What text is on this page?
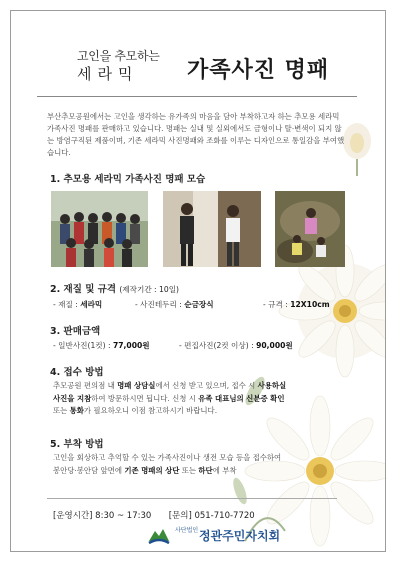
고인을 추모하는
세라믹 가족사진 명패
부산추모공원에서는 고인을 생각하는 유가족의 마음을 담아 부착하고자 하는 추모용 세라믹 가족사진 명패를 판매하고 있습니다. 명패는 실내 및 실외에서도 금형이나 탈·변색이 되지 않는 방염구직된 제품이며, 기존 세라믹 사진명패와 조화를 이루는 디자인으로 통일감을 부여했습니다.
1. 추모용 세라믹 가족사진 명패 모습
2. 재질 및 규격 (제작기간 : 10일)
- 재질 : 세라믹	- 사진테두리 : 순금장식	- 규격 : 12X10cm
3. 판매금액
- 일반사진(1컷) : 77,000원	- 편집사진(2컷 이상) : 90,000원
4. 접수 방법
추모공원 편의점 내 명패 상담실에서 신청 받고 있으며, 접수 시 사용하실
사진을 지참하여 방문하시면 됩니다. 신청 시 유족 대표님의 신분증 확인
또는 통화가 필요하오니 이점 참고하시기 바랍니다.
5. 부착 방법
고인을 회상하고 추억할 수 있는 가족사진이나 생전 모습 등을 접수하여
봉안당·봉안담 앞면에 기존 명패의 상단 또는 하단에 부착
[운영시간] 8:30 ~ 17:30 [문의] 051-710-7720
사단법인 정관주민자치회
